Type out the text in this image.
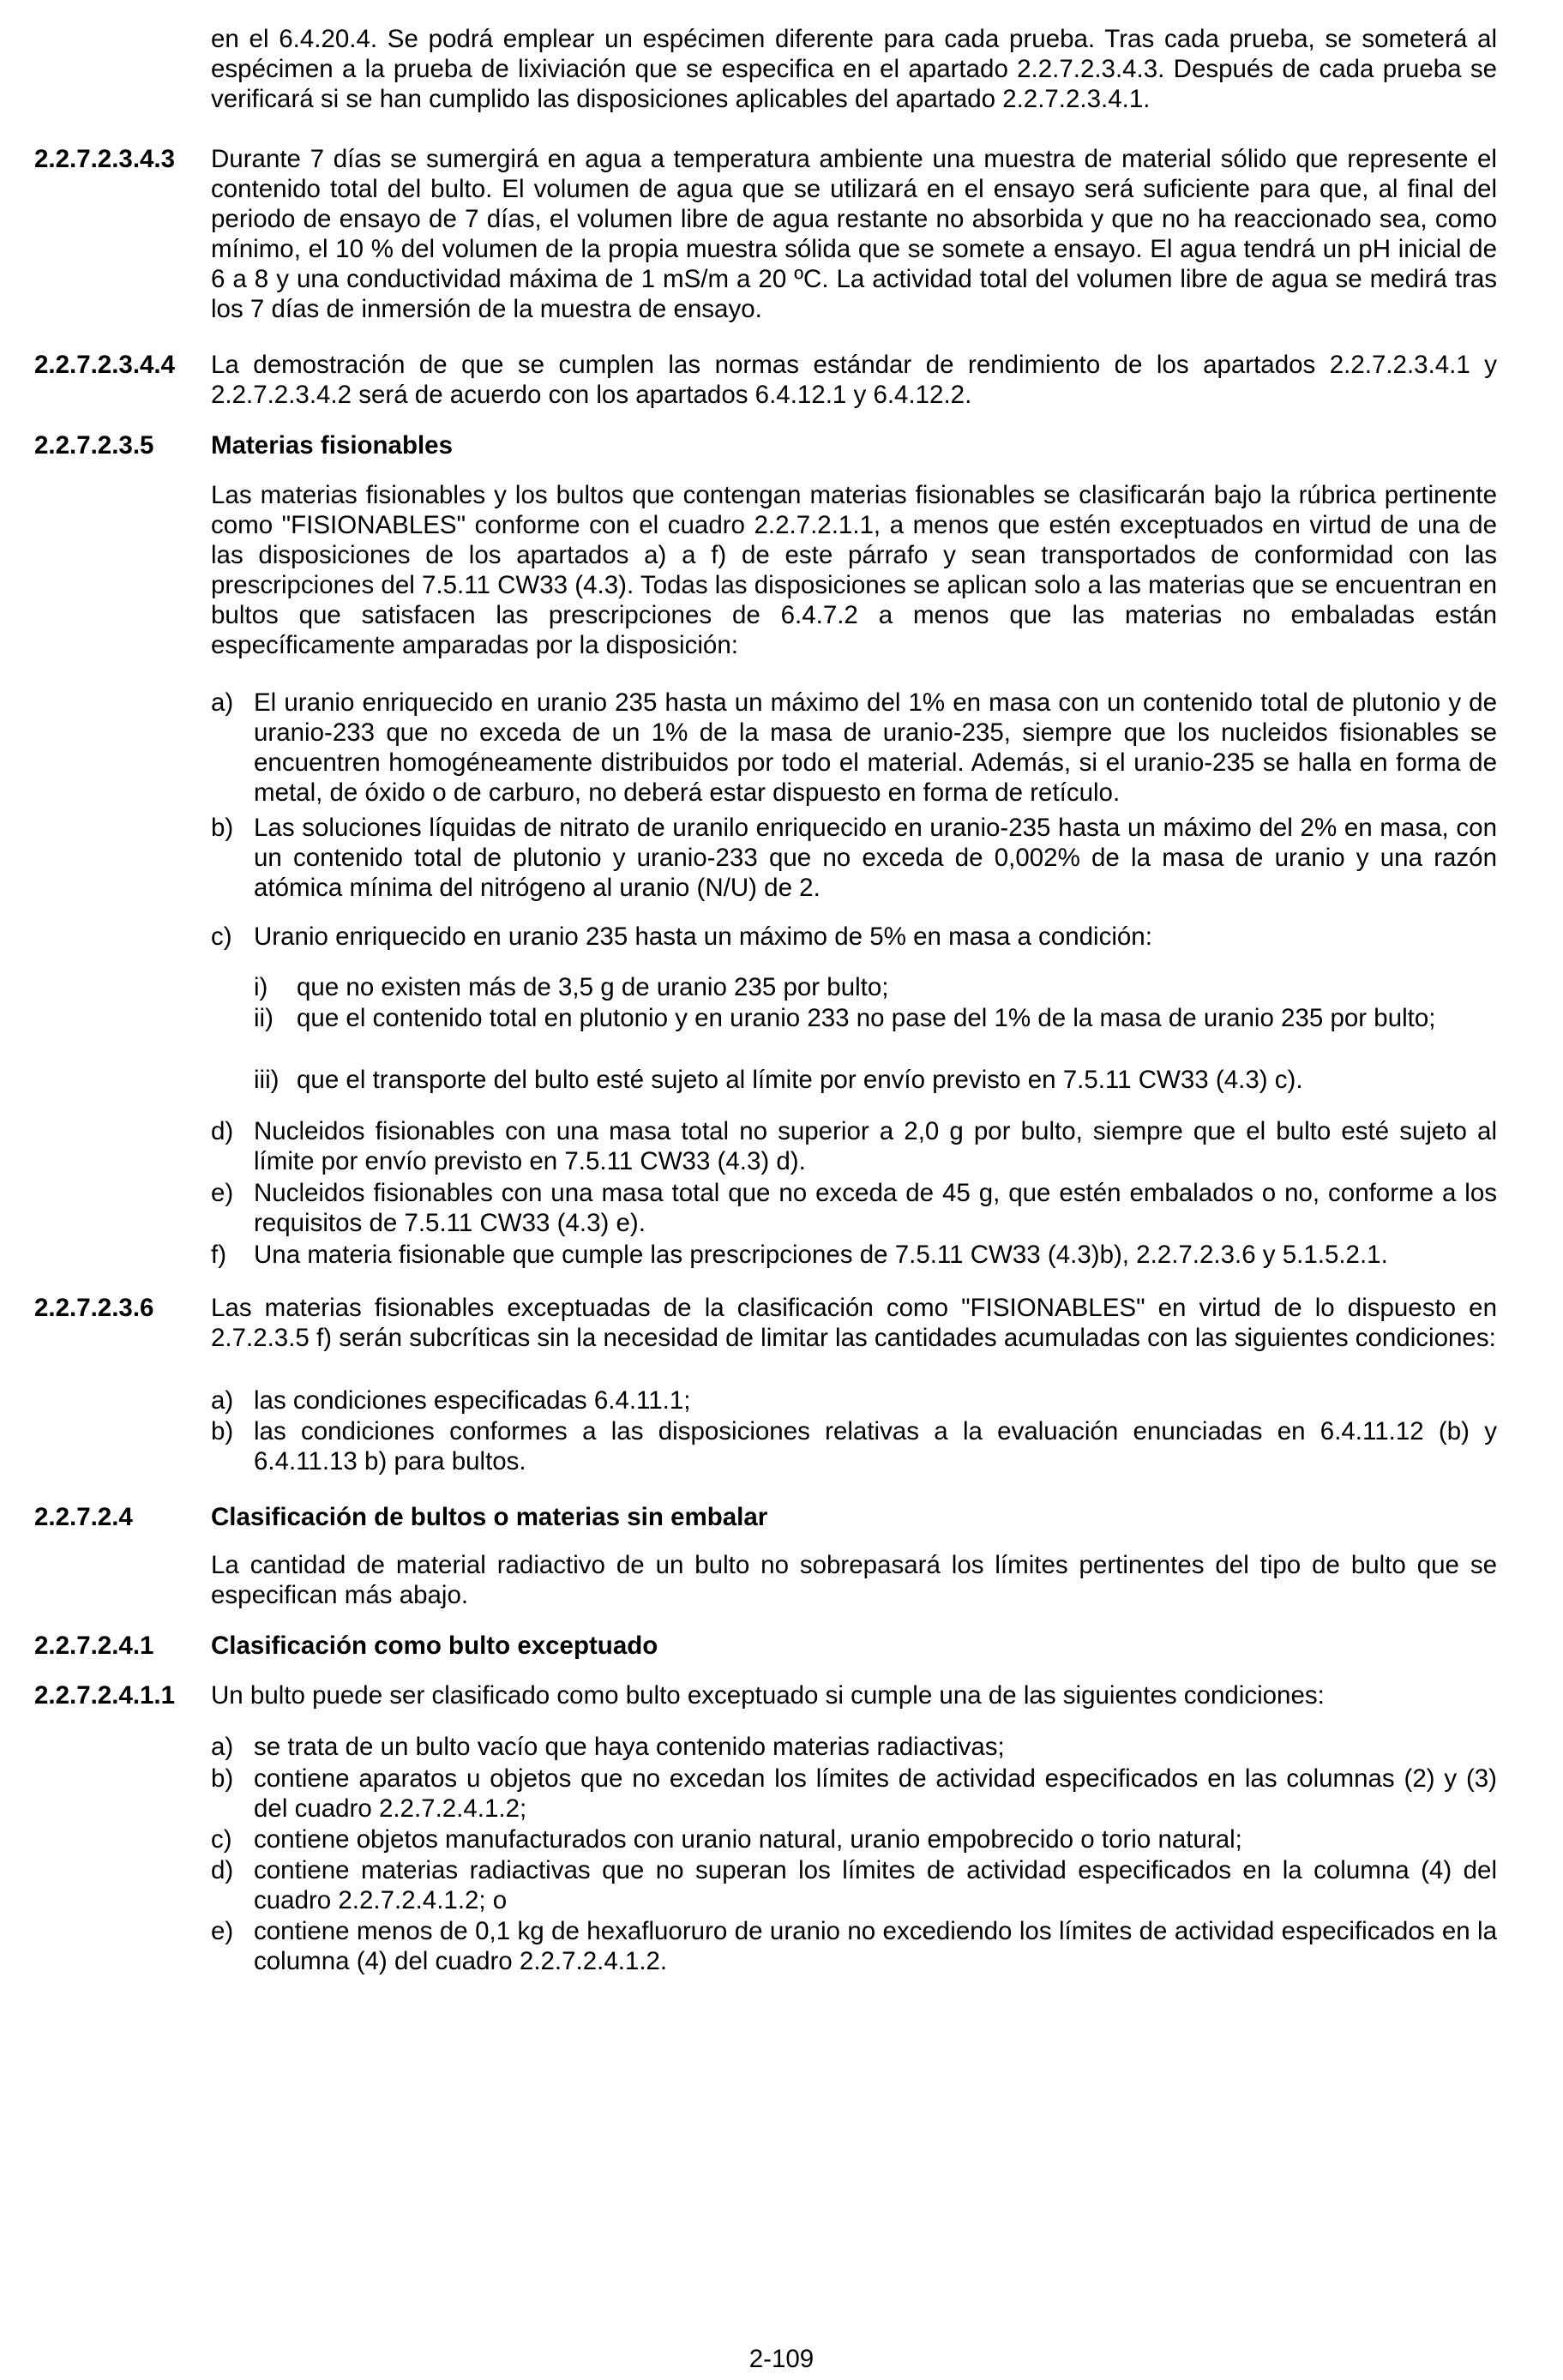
en el 6.4.20.4. Se podrá emplear un espécimen diferente para cada prueba. Tras cada prueba, se someterá al espécimen a la prueba de lixiviación que se especifica en el apartado 2.2.7.2.3.4.3. Después de cada prueba se verificará si se han cumplido las disposiciones aplicables del apartado 2.2.7.2.3.4.1.
2.2.7.2.3.4.3 Durante 7 días se sumergirá en agua a temperatura ambiente una muestra de material sólido que represente el contenido total del bulto. El volumen de agua que se utilizará en el ensayo será suficiente para que, al final del periodo de ensayo de 7 días, el volumen libre de agua restante no absorbida y que no ha reaccionado sea, como mínimo, el 10 % del volumen de la propia muestra sólida que se somete a ensayo. El agua tendrá un pH inicial de 6 a 8 y una conductividad máxima de 1 mS/m a 20 ºC. La actividad total del volumen libre de agua se medirá tras los 7 días de inmersión de la muestra de ensayo.
2.2.7.2.3.4.4 La demostración de que se cumplen las normas estándar de rendimiento de los apartados 2.2.7.2.3.4.1 y 2.2.7.2.3.4.2 será de acuerdo con los apartados 6.4.12.1 y 6.4.12.2.
2.2.7.2.3.5 Materias fisionables
Las materias fisionables y los bultos que contengan materias fisionables se clasificarán bajo la rúbrica pertinente como "FISIONABLES" conforme con el cuadro 2.2.7.2.1.1, a menos que estén exceptuados en virtud de una de las disposiciones de los apartados a) a f) de este párrafo y sean transportados de conformidad con las prescripciones del 7.5.11 CW33 (4.3). Todas las disposiciones se aplican solo a las materias que se encuentran en bultos que satisfacen las prescripciones de 6.4.7.2 a menos que las materias no embaladas están específicamente amparadas por la disposición:
a) El uranio enriquecido en uranio 235 hasta un máximo del 1% en masa con un contenido total de plutonio y de uranio-233 que no exceda de un 1% de la masa de uranio-235, siempre que los nucleidos fisionables se encuentren homogéneamente distribuidos por todo el material. Además, si el uranio-235 se halla en forma de metal, de óxido o de carburo, no deberá estar dispuesto en forma de retículo.
b) Las soluciones líquidas de nitrato de uranilo enriquecido en uranio-235 hasta un máximo del 2% en masa, con un contenido total de plutonio y uranio-233 que no exceda de 0,002% de la masa de uranio y una razón atómica mínima del nitrógeno al uranio (N/U) de 2.
c) Uranio enriquecido en uranio 235 hasta un máximo de 5% en masa a condición:
i) que no existen más de 3,5 g de uranio 235 por bulto;
ii) que el contenido total en plutonio y en uranio 233 no pase del 1% de la masa de uranio 235 por bulto;
iii) que el transporte del bulto esté sujeto al límite por envío previsto en 7.5.11 CW33 (4.3) c).
d) Nucleidos fisionables con una masa total no superior a 2,0 g por bulto, siempre que el bulto esté sujeto al límite por envío previsto en 7.5.11 CW33 (4.3) d).
e) Nucleidos fisionables con una masa total que no exceda de 45 g, que estén embalados o no, conforme a los requisitos de 7.5.11 CW33 (4.3) e).
f) Una materia fisionable que cumple las prescripciones de 7.5.11 CW33 (4.3)b), 2.2.7.2.3.6 y 5.1.5.2.1.
2.2.7.2.3.6 Las materias fisionables exceptuadas de la clasificación como "FISIONABLES" en virtud de lo dispuesto en 2.7.2.3.5 f) serán subcríticas sin la necesidad de limitar las cantidades acumuladas con las siguientes condiciones:
a) las condiciones especificadas 6.4.11.1;
b) las condiciones conformes a las disposiciones relativas a la evaluación enunciadas en 6.4.11.12 (b) y 6.4.11.13 b) para bultos.
2.2.7.2.4	Clasificación de bultos o materias sin embalar
La cantidad de material radiactivo de un bulto no sobrepasará los límites pertinentes del tipo de bulto que se especifican más abajo.
2.2.7.2.4.1 Clasificación como bulto exceptuado
2.2.7.2.4.1.1 Un bulto puede ser clasificado como bulto exceptuado si cumple una de las siguientes condiciones:
a) se trata de un bulto vacío que haya contenido materias radiactivas;
b) contiene aparatos u objetos que no excedan los límites de actividad especificados en las columnas (2) y (3) del cuadro 2.2.7.2.4.1.2;
c) contiene objetos manufacturados con uranio natural, uranio empobrecido o torio natural;
d) contiene materias radiactivas que no superan los límites de actividad especificados en la columna (4) del cuadro 2.2.7.2.4.1.2; o
e) contiene menos de 0,1 kg de hexafluoruro de uranio no excediendo los límites de actividad especificados en la columna (4) del cuadro 2.2.7.2.4.1.2.
2-109
